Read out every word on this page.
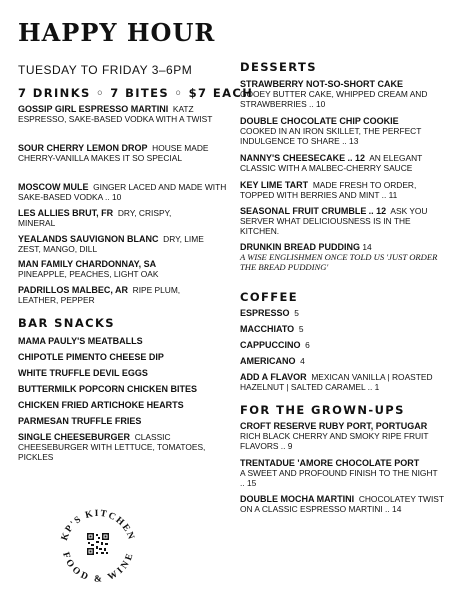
HAPPY HOUR
TUESDAY TO FRIDAY 3–6PM
7 DRINKS ◦ 7 BITES ◦ $7 EACH
GOSSIP GIRL ESPRESSO MARTINI KATZ ESPRESSO, SAKE-BASED VODKA WITH A TWIST
SOUR CHERRY LEMON DROP HOUSE MADE CHERRY-VANILLA MAKES IT SO SPECIAL
MOSCOW MULE GINGER LACED AND MADE WITH SAKE-BASED VODKA .. 10
LES ALLIES BRUT, FR DRY, CRISPY, MINERAL
YEALANDS SAUVIGNON BLANC DRY, LIME ZEST, MANGO, DILL
MAN FAMILY CHARDONNAY, SA  PINEAPPLE, PEACHES, LIGHT OAK
PADRILLOS MALBEC, AR RIPE PLUM, LEATHER, PEPPER
BAR SNACKS
MAMA PAULY'S MEATBALLS
CHIPOTLE PIMENTO CHEESE DIP
WHITE TRUFFLE DEVIL EGGS
BUTTERMILK POPCORN CHICKEN BITES
CHICKEN FRIED ARTICHOKE HEARTS
PARMESAN TRUFFLE FRIES
SINGLE CHEESEBURGER CLASSIC CHEESEBURGER WITH LETTUCE, TOMATOES, PICKLES
KP'S KITCHEN
FOOD & WINE
DESSERTS
STRAWBERRY NOT-SO-SHORT CAKE
GOOEY BUTTER CAKE, WHIPPED CREAM AND STRAWBERRIES .. 10
DOUBLE CHOCOLATE CHIP COOKIE
COOKED IN AN IRON SKILLET, THE PERFECT INDULGENCE TO SHARE .. 13
NANNY'S CHEESECAKE .. 12 AN ELEGANT CLASSIC WITH A MALBEC-CHERRY SAUCE
KEY LIME TART MADE FRESH TO ORDER, TOPPED WITH BERRIES AND MINT .. 11
SEASONAL FRUIT CRUMBLE .. 12 ASK YOU SERVER WHAT DELICIOUSNESS IS IN THE KITCHEN.
DRUNKIN BREAD PUDDING 14
A WISE ENGLISHMEN ONCE TOLD US 'JUST ORDER THE BREAD PUDDING'
COFFEE
ESPRESSO 5
MACCHIATO 5
CAPPUCCINO 6
AMERICANO 4
ADD A FLAVOR MEXICAN VANILLA | ROASTED HAZELNUT | SALTED CARAMEL .. 1
FOR THE GROWN-UPS
CROFT RESERVE RUBY PORT, PORTUGAR
RICH BLACK CHERRY AND SMOKY RIPE FRUIT FLAVORS .. 9
TRENTADUE 'AMORE CHOCOLATE PORT
A SWEET AND PROFOUND FINISH TO THE NIGHT .. 15
DOUBLE MOCHA MARTINI CHOCOLATEY TWIST ON A CLASSIC ESPRESSO MARTINI .. 14
